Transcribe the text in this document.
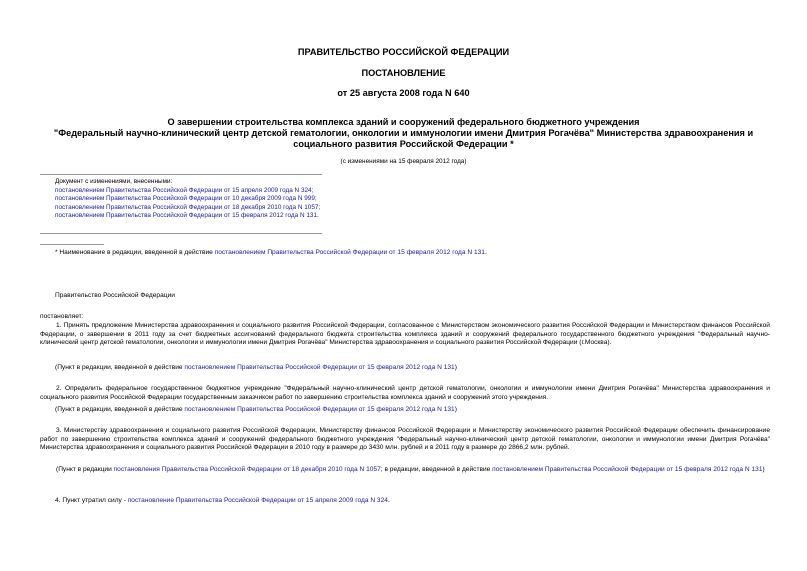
ПРАВИТЕЛЬСТВО РОССИЙСКОЙ ФЕДЕРАЦИИ
ПОСТАНОВЛЕНИЕ
от 25 августа 2008 года N 640
О завершении строительства комплекса зданий и сооружений федерального бюджетного учреждения
"Федеральный научно-клинический центр детской гематологии, онкологии и иммунологии имени Дмитрия Рогачёва" Министерства здравоохранения и
социального развития Российской Федерации *
(с изменениями на 15 февраля 2012 года)
Документ с изменениями, внесенными:
постановлением Правительства Российской Федерации от 15 апреля 2009 года N 324;
постановлением Правительства Российской Федерации от 10 декабря 2009 года N 999;
постановлением Правительства Российской Федерации от 18 декабря 2010 года N 1057;
постановлением Правительства Российской Федерации от 15 февраля 2012 года N 131.
* Наименование в редакции, введенной в действие постановлением Правительства Российской Федерации от 15 февраля 2012 года N 131.
Правительство Российской Федерации
постановляет:
1. Принять предложение Министерства здравоохранения и социального развития Российской Федерации, согласованное с Министерством экономического развития Российской Федерации и Министерством финансов Российской Федерации, о завершении в 2011 году за счет бюджетных ассигнований федерального бюджета строительства комплекса зданий и сооружений федерального государственного бюджетного учреждения "Федеральный научно-клинический центр детской гематологии, онкологии и иммунологии имени Дмитрия Рогачёва" Министерства здравоохранения и социального развития Российской Федерации (г.Москва).
(Пункт в редакции, введенной в действие постановлением Правительства Российской Федерации от 15 февраля 2012 года N 131)
2. Определить федеральное государственное бюджетное учреждение "Федеральный научно-клинический центр детской гематологии, онкологии и иммунологии имени Дмитрия Рогачёва" Министерства здравоохранения и социального развития Российской Федерации государственным заказчиком работ по завершению строительства комплекса зданий и сооружений этого учреждения.
(Пункт в редакции, введенной в действие постановлением Правительства Российской Федерации от 15 февраля 2012 года N 131)
3. Министерству здравоохранения и социального развития Российской Федерации, Министерству финансов Российской Федерации и Министерству экономического развития Российской Федерации обеспечить финансирование работ по завершению строительства комплекса зданий и сооружений федерального бюджетного учреждения "Федеральный научно-клинический центр детской гематологии, онкологии и иммунологии имени Дмитрия Рогачёва" Министерства здравоохранения и социального развития Российской Федерации в 2010 году в размере до 3430 млн. рублей и в 2011 году в размере до 2866,2 млн. рублей.
(Пункт в редакции постановления Правительства Российской Федерации от 18 декабря 2010 года N 1057; в редакции, введенной в действие постановлением Правительства Российской Федерации от 15 февраля 2012 года N 131)
4. Пункт утратил силу - постановление Правительства Российской Федерации от 15 апреля 2009 года N 324.
